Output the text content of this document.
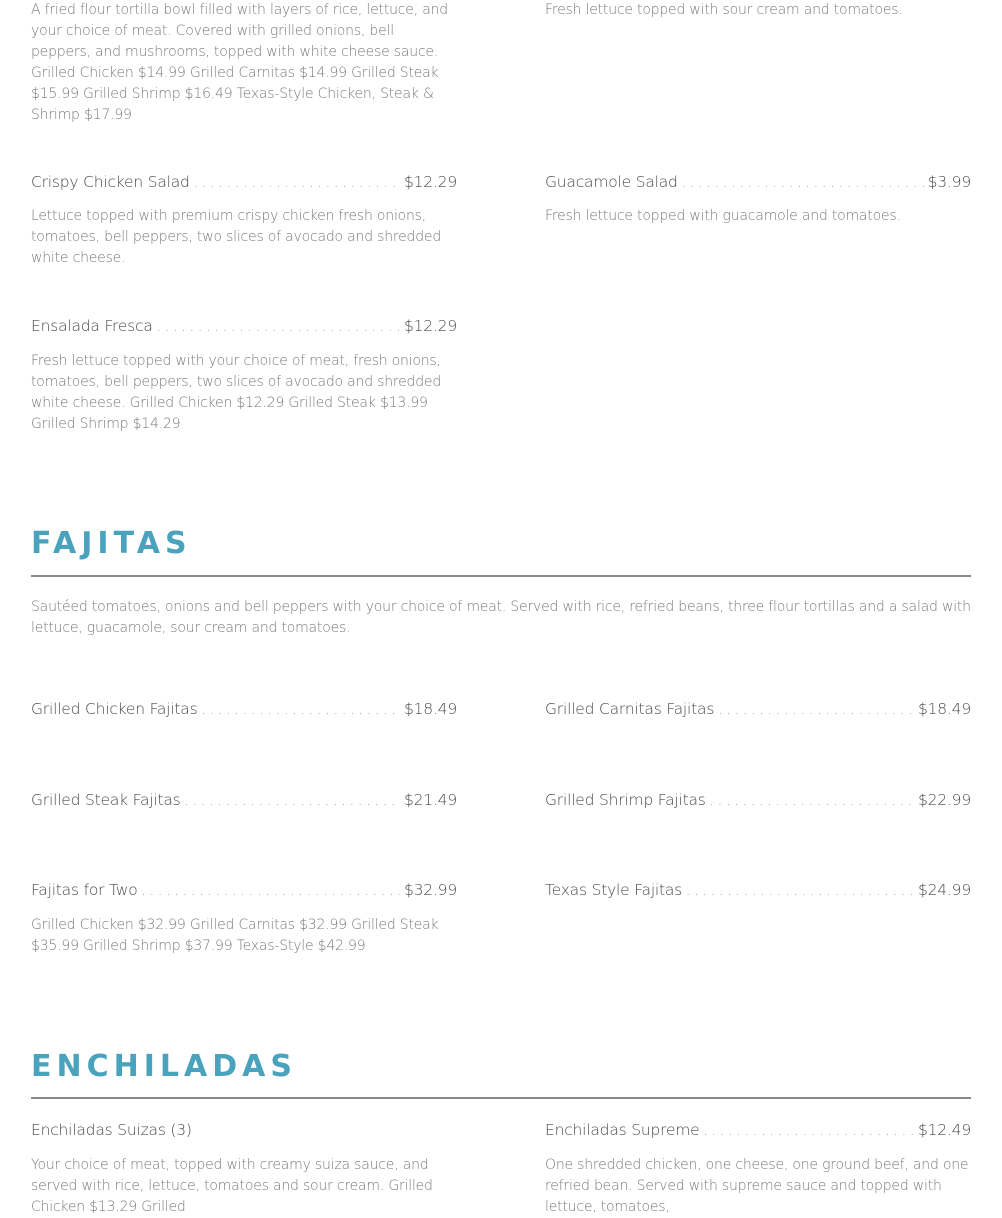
A fried flour tortilla bowl filled with layers of rice, lettuce, and your choice of meat. Covered with grilled onions, bell peppers, and mushrooms, topped with white cheese sauce. Grilled Chicken $14.99 Grilled Carnitas $14.99 Grilled Steak $15.99 Grilled Shrimp $16.49 Texas-Style Chicken, Steak & Shrimp $17.99

Fresh lettuce topped with sour cream and tomatoes.

Crispy Chicken Salad . . .	$12.29

Lettuce topped with premium crispy chicken fresh onions, tomatoes, bell peppers, two slices of avocado and shredded white cheese.

Guacamole Salad . . .	$3.99

Fresh lettuce topped with guacamole and tomatoes.

Ensalada Fresca . . .	$12.29

Fresh lettuce topped with your choice of meat, fresh onions, tomatoes, bell peppers, two slices of avocado and shredded white cheese. Grilled Chicken $12.29 Grilled Steak $13.99 Grilled Shrimp $14.29

FAJITAS

Sautéed tomatoes, onions and bell peppers with your choice of meat. Served with rice, refried beans, three flour tortillas and a salad with lettuce, guacamole, sour cream and tomatoes.

Grilled Chicken Fajitas . . .	$18.49	Grilled Carnitas Fajitas . . .	$18.49
Grilled Steak Fajitas . . .	$21.49	Grilled Shrimp Fajitas . . .	$22.99
Fajitas for Two . . .	$32.99

Grilled Chicken $32.99 Grilled Carnitas $32.99 Grilled Steak $35.99 Grilled Shrimp $37.99 Texas-Style $42.99

Texas Style Fajitas . . .	$24.99
ENCHILADAS
Enchiladas Suizas (3)

Your choice of meat, topped with creamy suiza sauce, and served with rice, lettuce, tomatoes and sour cream. Grilled Chicken $13.29 Grilled

Enchiladas Supreme . . .	$12.49

One shredded chicken, one cheese, one ground beef, and one refried bean. Served with supreme sauce and topped with lettuce, tomatoes,
